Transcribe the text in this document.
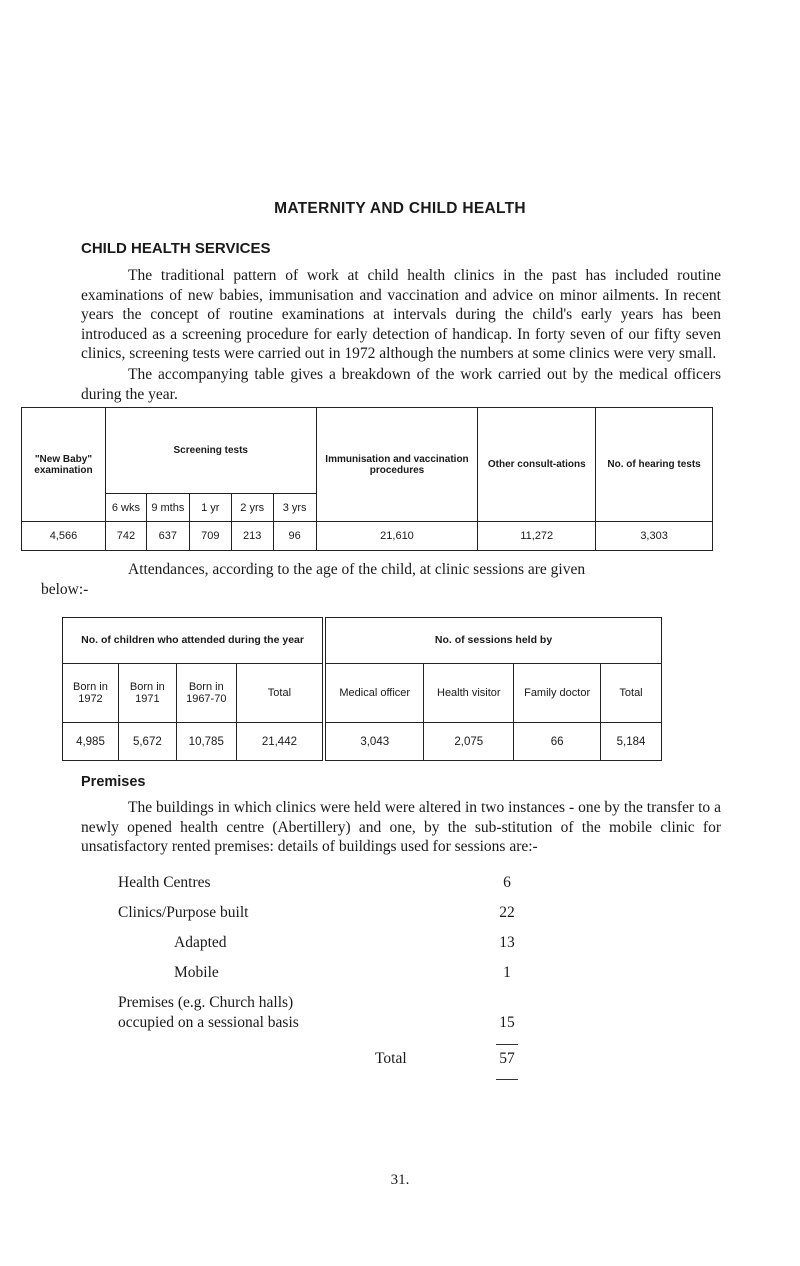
MATERNITY AND CHILD HEALTH
CHILD HEALTH SERVICES

The traditional pattern of work at child health clinics in the past has included routine examinations of new babies, immunisation and vaccination and advice on minor ailments. In recent years the concept of routine examinations at intervals during the child's early years has been introduced as a screening procedure for early detection of handicap. In forty seven of our fifty seven clinics, screening tests were carried out in 1972 although the numbers at some clinics were very small.

The accompanying table gives a breakdown of the work carried out by the medical officers during the year.

"New Baby" examination	Screening tests					Immunisation and vaccination procedures	Other consult-ations	No. of hearing tests
	6 wks	9 mths	1 yr	2 yrs	3 yrs			
4,566	742	637	709	213	96	21,610	11,272	3,303

Attendances, according to the age of the child, at clinic sessions are given

below:-

No. of children who attended during the year				No. of sessions held by			
Born in 1972	Born in 1971	Born in 1967-70	Total	Medical officer	Health visitor	Family doctor	Total
4,985	5,672	10,785	21,442	3,043	2,075	66	5,184
Premises

The buildings in which clinics were held were altered in two instances - one by the transfer to a newly opened health centre (Abertillery) and one, by the sub-stitution of the mobile clinic for unsatisfactory rented premises: details of buildings used for sessions are:-

Health Centres	6
Clinics/Purpose built	22
Adapted	13
Mobile	1
Premises (e.g. Church halls)
occupied on a sessional basis	15
Total	57
31.
